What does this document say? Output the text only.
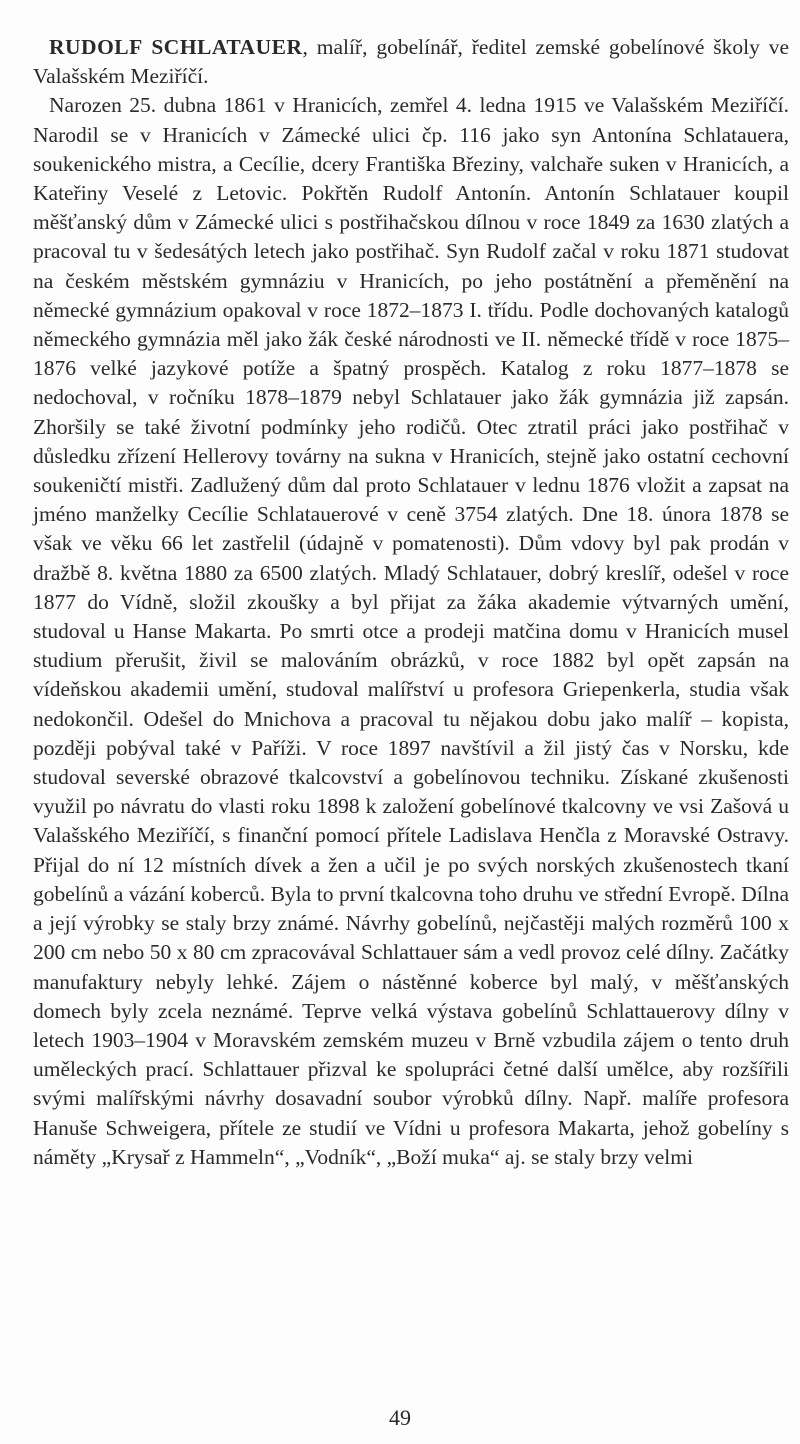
RUDOLF SCHLATAUER, malíř, gobelínář, ředitel zemské gobelínové školy ve Valašském Meziříčí.

Narozen 25. dubna 1861 v Hranicích, zemřel 4. ledna 1915 ve Valašském Meziříčí. Narodil se v Hranicích v Zámecké ulici čp. 116 jako syn Antonína Schlatauera, soukenického mistra, a Cecílie, dcery Františka Březiny, valchaře suken v Hranicích, a Kateřiny Veselé z Letovic. Pokřtěn Rudolf Antonín. Antonín Schlatauer koupil měšťanský dům v Zámecké ulici s postřihačskou dílnou v roce 1849 za 1630 zlatých a pracoval tu v šedesátých letech jako postřihač. Syn Rudolf začal v roku 1871 studovat na českém městském gymnáziu v Hranicích, po jeho postátnění a přeměnění na německé gymnázium opakoval v roce 1872–1873 I. třídu. Podle dochovaných katalogů německého gymnázia měl jako žák české národnosti ve II. německé třídě v roce 1875–1876 velké jazykové potíže a špatný prospěch. Katalog z roku 1877–1878 se nedochoval, v ročníku 1878–1879 nebyl Schlatauer jako žák gymnázia již zapsán. Zhoršily se také životní podmínky jeho rodičů. Otec ztratil práci jako postřihač v důsledku zřízení Hellerovy továrny na sukna v Hranicích, stejně jako ostatní cechovní soukeničtí mistři. Zadlužený dům dal proto Schlatauer v lednu 1876 vložit a zapsat na jméno manželky Cecílie Schlatauerové v ceně 3754 zlatých. Dne 18. února 1878 se však ve věku 66 let zastřelil (údajně v pomatenosti). Dům vdovy byl pak prodán v dražbě 8. května 1880 za 6500 zlatých. Mladý Schlatauer, dobrý kreslíř, odešel v roce 1877 do Vídně, složil zkoušky a byl přijat za žáka akademie výtvarných umění, studoval u Hanse Makarta. Po smrti otce a prodeji matčina domu v Hranicích musel studium přerušit, živil se malováním obrázků, v roce 1882 byl opět zapsán na vídeňskou akademii umění, studoval malířství u profesora Griepenkerla, studia však nedokončil. Odešel do Mnichova a pracoval tu nějakou dobu jako malíř – kopista, později pobýval také v Paříži. V roce 1897 navštívil a žil jistý čas v Norsku, kde studoval severské obrazové tkalcovství a gobelínovou techniku. Získané zkušenosti využil po návratu do vlasti roku 1898 k založení gobelínové tkalcovny ve vsi Zašová u Valašského Meziříčí, s finanční pomocí přítele Ladislava Henčla z Moravské Ostravy. Přijal do ní 12 místních dívek a žen a učil je po svých norských zkušenostech tkaní gobelínů a vázání koberců. Byla to první tkalcovna toho druhu ve střední Evropě. Dílna a její výrobky se staly brzy známé. Návrhy gobelínů, nejčastěji malých rozměrů 100 x 200 cm nebo 50 x 80 cm zpracovával Schlattauer sám a vedl provoz celé dílny. Začátky manufaktury nebyly lehké. Zájem o nástěnné koberce byl malý, v měšťanských domech byly zcela neznámé. Teprve velká výstava gobelínů Schlattauerovy dílny v letech 1903–1904 v Moravském zemském muzeu v Brně vzbudila zájem o tento druh uměleckých prací. Schlattauer přizval ke spolupráci četné další umělce, aby rozšířili svými malířskými návrhy dosavadní soubor výrobků dílny. Např. malíře profesora Hanuše Schweigera, přítele ze studií ve Vídni u profesora Makarta, jehož gobelíny s náměty „Krysař z Hammeln“, „Vodník“, „Boží muka“ aj. se staly brzy velmi

49
